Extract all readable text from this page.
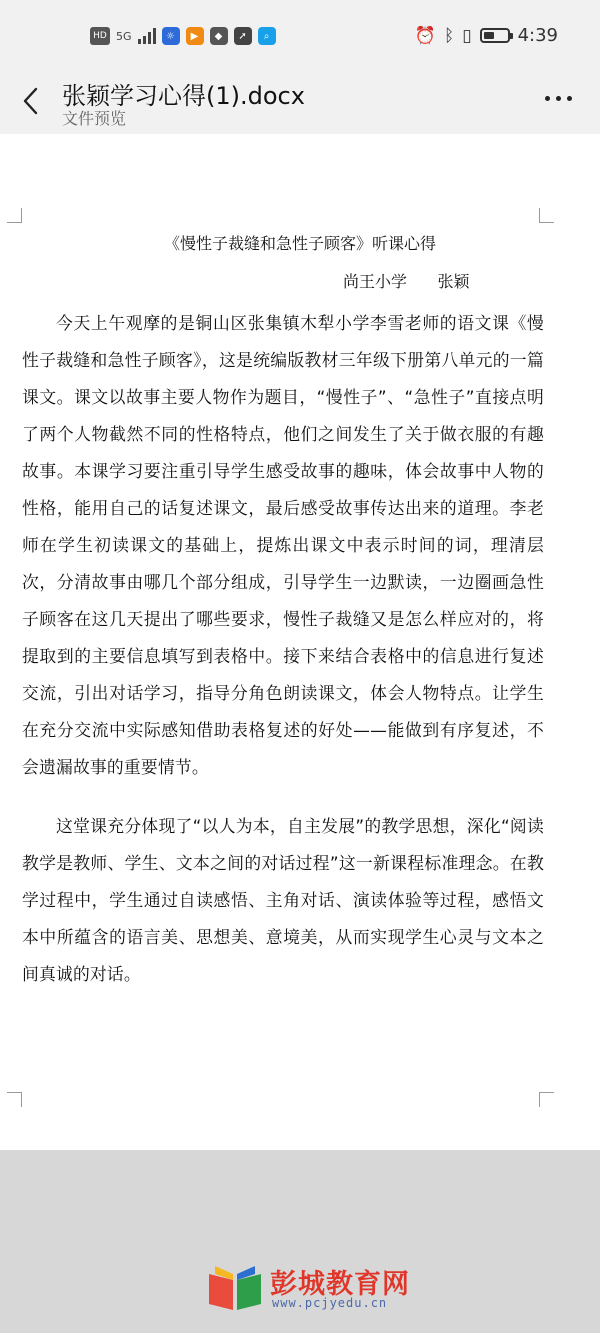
HD 5G	☼	▶	◆	➚	⌕	⏰ ᛒ ▯	4:39
张颖学习心得(1).docx
文件预览
《慢性子裁缝和急性子顾客》听课心得
尚王小学      张颖
今天上午观摩的是铜山区张集镇木犁小学李雪老师的语文课《慢性子裁缝和急性子顾客》，这是统编版教材三年级下册第八单元的一篇课文。课文以故事主要人物作为题目，“慢性子”、“急性子”直接点明了两个人物截然不同的性格特点，他们之间发生了关于做衣服的有趣故事。本课学习要注重引导学生感受故事的趣味，体会故事中人物的性格，能用自己的话复述课文，最后感受故事传达出来的道理。李老师在学生初读课文的基础上，提炼出课文中表示时间的词，理清层次，分清故事由哪几个部分组成，引导学生一边默读，一边圈画急性子顾客在这几天提出了哪些要求，慢性子裁缝又是怎么样应对的，将提取到的主要信息填写到表格中。接下来结合表格中的信息进行复述交流，引出对话学习，指导分角色朗读课文，体会人物特点。让学生在充分交流中实际感知借助表格复述的好处——能做到有序复述，不会遗漏故事的重要情节。
这堂课充分体现了“以人为本，自主发展”的教学思想，深化“阅读教学是教师、学生、文本之间的对话过程”这一新课程标准理念。在教学过程中，学生通过自读感悟、主角对话、演读体验等过程，感悟文本中所蕴含的语言美、思想美、意境美，从而实现学生心灵与文本之间真诚的对话。
彭城教育网
www.pcjyedu.cn
